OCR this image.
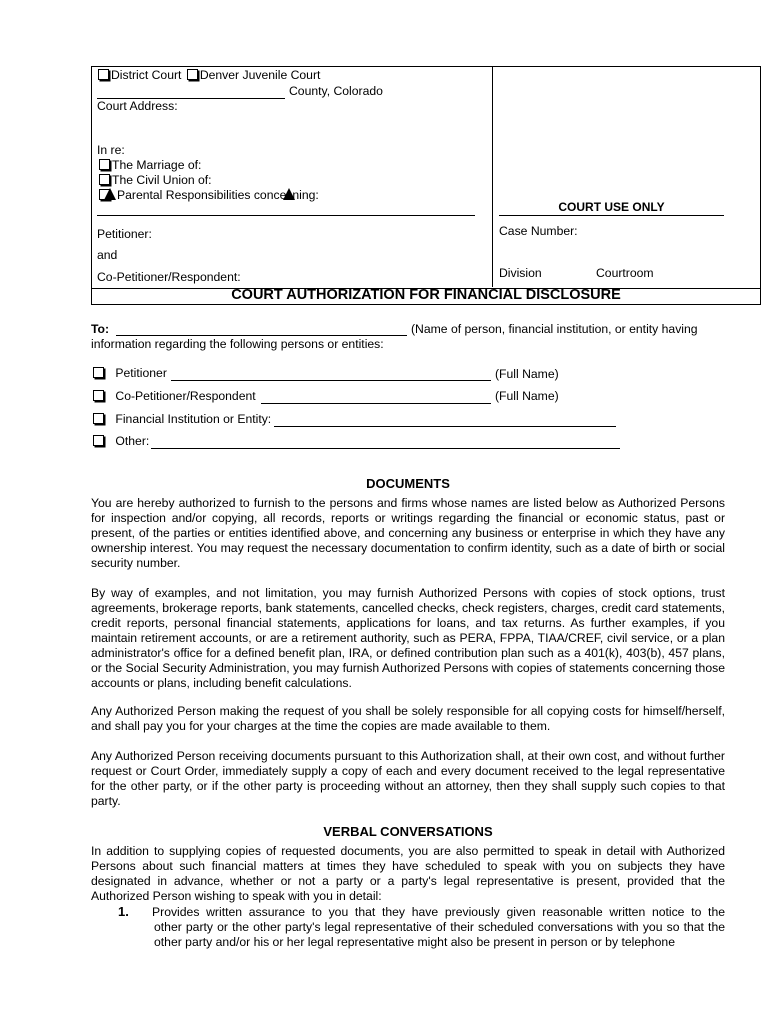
District Court Denver Juvenile Court
County, Colorado
Court Address:
In re:
The Marriage of:
The Civil Union of:
Parental Responsibilities conce ning:
Petitioner:
and
Co-Petitioner/Respondent:
COURT USE ONLY
Case Number:
Division	Courtroom
COURT AUTHORIZATION FOR FINANCIAL DISCLOSURE
To:	(Name of person, financial institution, or entity having
information regarding the following persons or entities:
Petitioner	(Full Name)
Co-Petitioner/Respondent	(Full Name)
Financial Institution or Entity:
Other:
DOCUMENTS
You are hereby authorized to furnish to the persons and firms whose names are listed below as Authorized Persons for inspection and/or copying, all records, reports or writings regarding the financial or economic status, past or present, of the parties or entities identified above, and concerning any business or enterprise in which they have any ownership interest. You may request the necessary documentation to confirm identity, such as a date of birth or social security number.
By way of examples, and not limitation, you may furnish Authorized Persons with copies of stock options, trust agreements, brokerage reports, bank statements, cancelled checks, check registers, charges, credit card statements, credit reports, personal financial statements, applications for loans, and tax returns. As further examples, if you maintain retirement accounts, or are a retirement authority, such as PERA, FPPA, TIAA/CREF, civil service, or a plan administrator's office for a defined benefit plan, IRA, or defined contribution plan such as a 401(k), 403(b), 457 plans, or the Social Security Administration, you may furnish Authorized Persons with copies of statements concerning those accounts or plans, including benefit calculations.
Any Authorized Person making the request of you shall be solely responsible for all copying costs for himself/herself, and shall pay you for your charges at the time the copies are made available to them.
Any Authorized Person receiving documents pursuant to this Authorization shall, at their own cost, and without further request or Court Order, immediately supply a copy of each and every document received to the legal representative for the other party, or if the other party is proceeding without an attorney, then they shall supply such copies to that party.
VERBAL CONVERSATIONS
In addition to supplying copies of requested documents, you are also permitted to speak in detail with Authorized Persons about such financial matters at times they have scheduled to speak with you on subjects they have designated in advance, whether or not a party or a party's legal representative is present, provided that the Authorized Person wishing to speak with you in detail:
1. Provides written assurance to you that they have previously given reasonable written notice to the
other party or the other party's legal representative of their scheduled conversations with you so that the other party and/or his or her legal representative might also be present in person or by telephone
